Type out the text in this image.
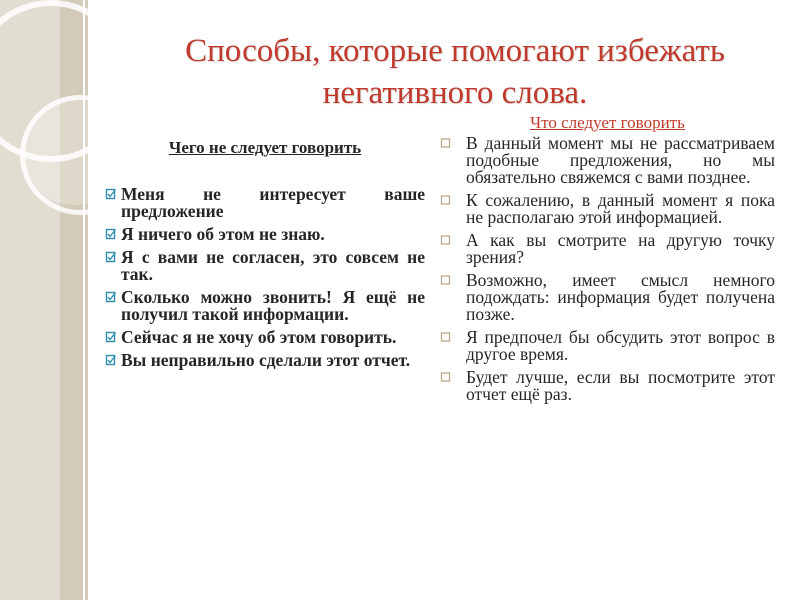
Способы, которые помогают избежать негативного слова.
Чего не следует говорить
Меня не интересует ваше предложение
Я ничего об этом не знаю.
Я с вами не согласен, это совсем не так.
Сколько можно звонить! Я ещё не получил такой информации.
Сейчас я не хочу об этом говорить.
Вы неправильно сделали этот отчет.
Что следует говорить
В данный момент мы не рассматриваем подобные предложения, но мы обязательно свяжемся с вами позднее.
К сожалению, в данный момент я пока не располагаю этой информацией.
А как вы смотрите на другую точку зрения?
Возможно, имеет смысл немного подождать: информация будет получена позже.
Я предпочел бы обсудить этот вопрос в другое время.
Будет лучше, если вы посмотрите этот отчет ещё раз.
